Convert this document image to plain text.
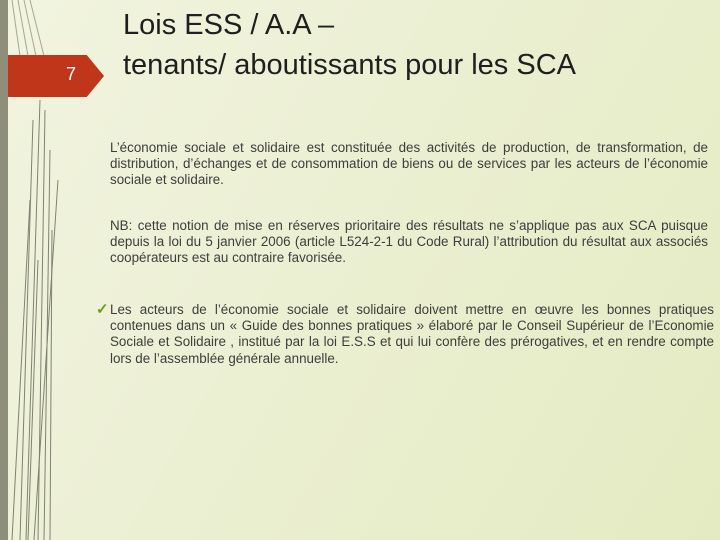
7
Lois ESS / A.A –
tenants/ aboutissants pour les SCA
L’économie sociale et solidaire est constituée des activités de production, de transformation, de distribution, d’échanges et de consommation de biens ou de services par les acteurs de l’économie sociale et solidaire.
NB: cette notion de mise en réserves prioritaire des résultats ne s’applique pas aux SCA puisque depuis la loi du 5 janvier 2006 (article L524-2-1 du Code Rural) l’attribution du résultat aux associés coopérateurs est au contraire favorisée.
✓ Les acteurs de l’économie sociale et solidaire doivent mettre en œuvre les bonnes pratiques contenues dans un « Guide des bonnes pratiques » élaboré par le Conseil Supérieur de l’Economie Sociale et Solidaire , institué par la loi E.S.S et qui lui confère des prérogatives, et en rendre compte lors de l’assemblée générale annuelle.
